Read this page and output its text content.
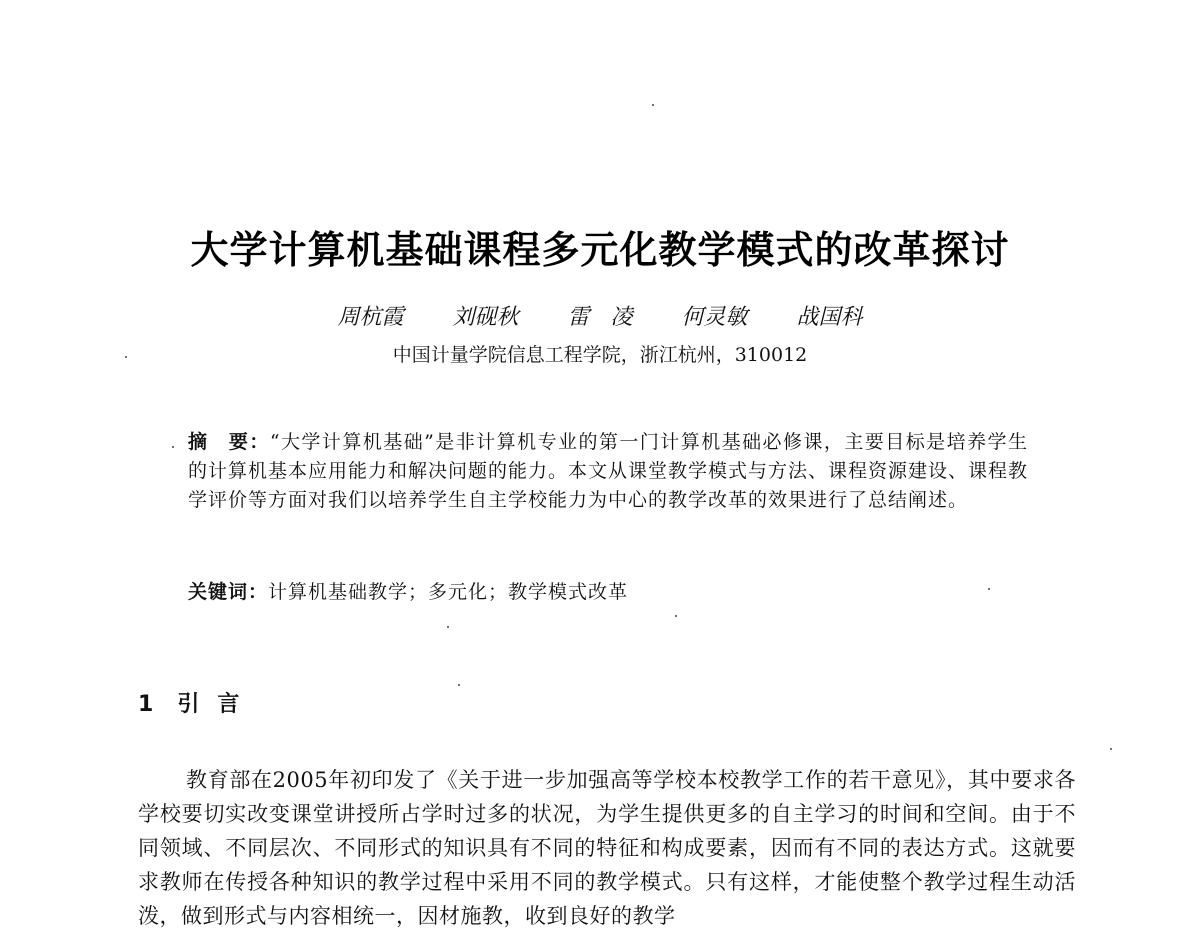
大学计算机基础课程多元化教学模式的改革探讨
周杭霞 刘砚秋 雷 凌 何灵敏 战国科
中国计量学院信息工程学院，浙江杭州，310012
摘　要：“大学计算机基础”是非计算机专业的第一门计算机基础必修课，主要目标是培养学生的计算机基本应用能力和解决问题的能力。本文从课堂教学模式与方法、课程资源建设、课程教学评价等方面对我们以培养学生自主学校能力为中心的教学改革的效果进行了总结阐述。
关键词：计算机基础教学；多元化；教学模式改革
1 引言
教育部在2005年初印发了《关于进一步加强高等学校本校教学工作的若干意见》，其中要求各学校要切实改变课堂讲授所占学时过多的状况，为学生提供更多的自主学习的时间和空间。由于不同领域、不同层次、不同形式的知识具有不同的特征和构成要素，因而有不同的表达方式。这就要求教师在传授各种知识的教学过程中采用不同的教学模式。只有这样，才能使整个教学过程生动活泼，做到形式与内容相统一，因材施教，收到良好的教学
